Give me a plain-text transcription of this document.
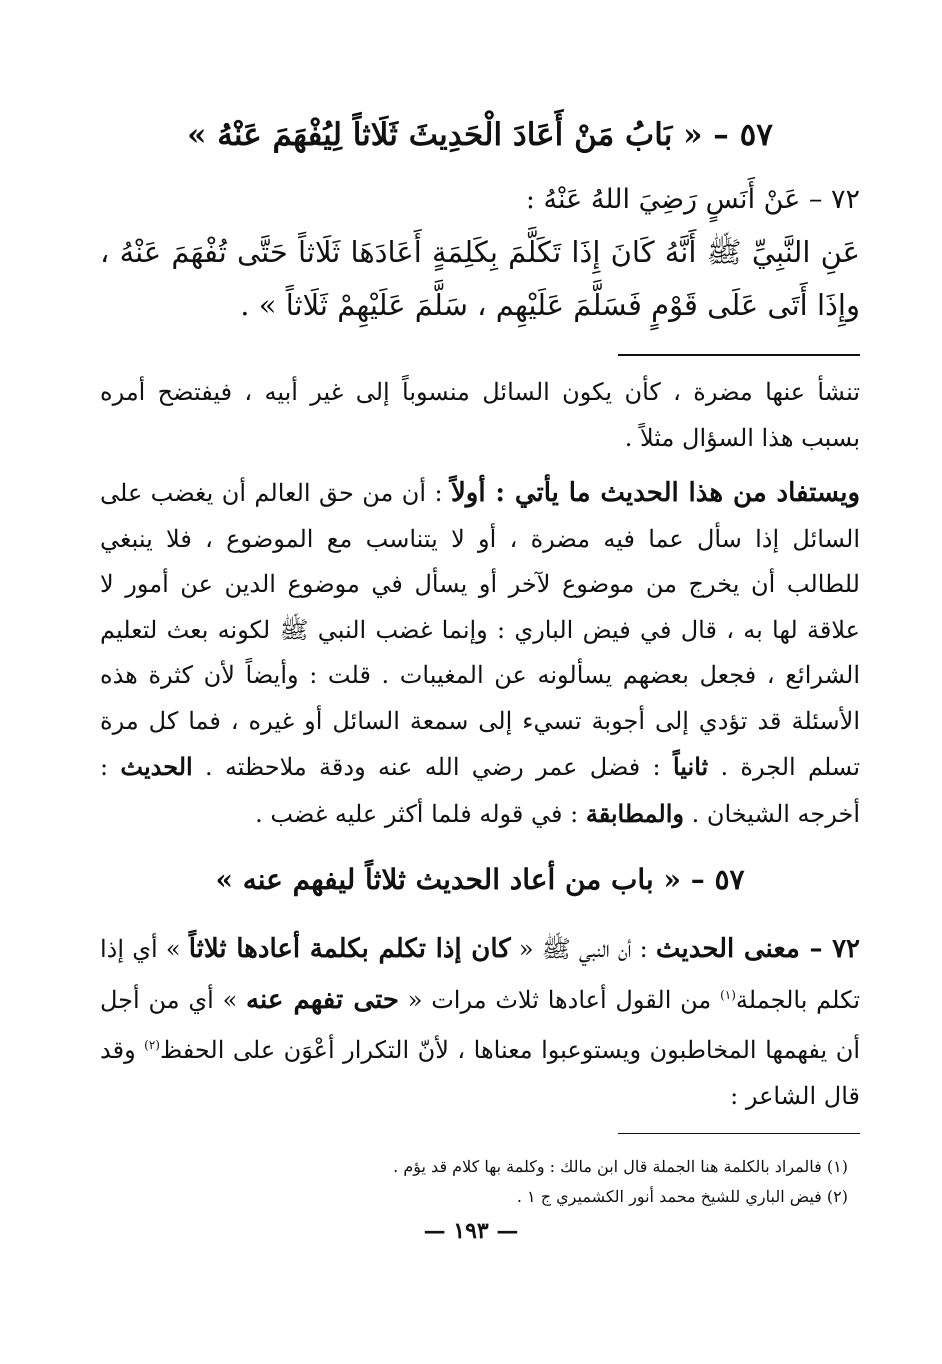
٥٧ – « بَابُ مَنْ أَعَادَ الْحَدِيثَ ثَلَاثاً لِيُفْهَمَ عَنْهُ »

٧٢ – عَنْ أَنَسٍ رَضِيَ اللهُ عَنْهُ :

عَنِ النَّبِيِّ ﷺ أَنَّهُ كَانَ إِذَا تَكَلَّمَ بِكَلِمَةٍ أَعَادَهَا ثَلَاثاً حَتَّى تُفْهَمَ عَنْهُ ، وإِذَا أَتَى عَلَى قَوْمٍ فَسَلَّمَ عَلَيْهِم ، سَلَّمَ عَلَيْهِمْ ثَلَاثاً » .

تنشأ عنها مضرة ، كأن يكون السائل منسوباً إلى غير أبيه ، فيفتضح أمره بسبب هذا السؤال مثلاً .

ويستفاد من هذا الحديث ما يأتي : أولاً : أن من حق العالم أن يغضب على السائل إذا سأل عما فيه مضرة ، أو لا يتناسب مع الموضوع ، فلا ينبغي للطالب أن يخرج من موضوع لآخر أو يسأل في موضوع الدين عن أمور لا علاقة لها به ، قال في فيض الباري : وإنما غضب النبي ﷺ لكونه بعث لتعليم الشرائع ، فجعل بعضهم يسألونه عن المغيبات . قلت : وأيضاً لأن كثرة هذه الأسئلة قد تؤدي إلى أجوبة تسيء إلى سمعة السائل أو غيره ، فما كل مرة تسلم الجرة . ثانياً : فضل عمر رضي الله عنه ودقة ملاحظته . الحديث : أخرجه الشيخان . والمطابقة : في قوله فلما أكثر عليه غضب .

٥٧ – « باب من أعاد الحديث ثلاثاً ليفهم عنه »

٧٢ – معنى الحديث : أن النبي ﷺ « كان إذا تكلم بكلمة أعادها ثلاثاً » أي إذا تكلم بالجملة$^{(١)}$ من القول أعادها ثلاث مرات « حتى تفهم عنه » أي من أجل أن يفهمها المخاطبون ويستوعبوا معناها ، لأنّ التكرار أعْوَن على الحفظ$^{(٢)}$ وقد قال الشاعر :

(١) فالمراد بالكلمة هنا الجملة قال ابن مالك : وكلمة بها كلام قد يؤم .
(٢) فيض الباري للشيخ محمد أنور الكشميري ج ١ .
— ١٩٣ —
